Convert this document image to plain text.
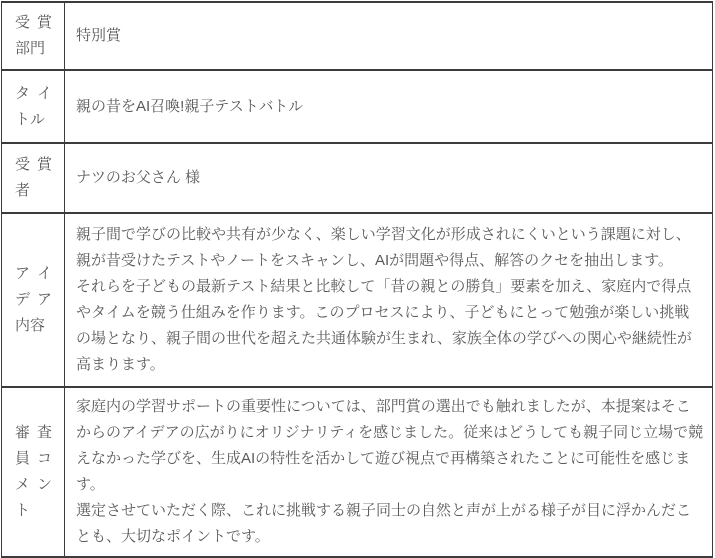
受賞部門	特別賞
タイトル	親の昔をAI召喚!親子テストバトル
受賞者	ナツのお父さん 様
アイデア内容	親子間で学びの比較や共有が少なく、楽しい学習文化が形成されにくいという課題に対し、親が昔受けたテストやノートをスキャンし、AIが問題や得点、解答のクセを抽出します。

それらを子どもの最新テスト結果と比較して「昔の親との勝負」要素を加え、家庭内で得点やタイムを競う仕組みを作ります。このプロセスにより、子どもにとって勉強が楽しい挑戦の場となり、親子間の世代を超えた共通体験が生まれ、家族全体の学びへの関心や継続性が高まります。

審査員コメント	家庭内の学習サポートの重要性については、部門賞の選出でも触れましたが、本提案はそこからのアイデアの広がりにオリジナリティを感じました。従来はどうしても親子同じ立場で競えなかった学びを、生成AIの特性を活かして遊び視点で再構築されたことに可能性を感じます。

選定させていただく際、これに挑戦する親子同士の自然と声が上がる様子が目に浮かんだことも、大切なポイントです。
